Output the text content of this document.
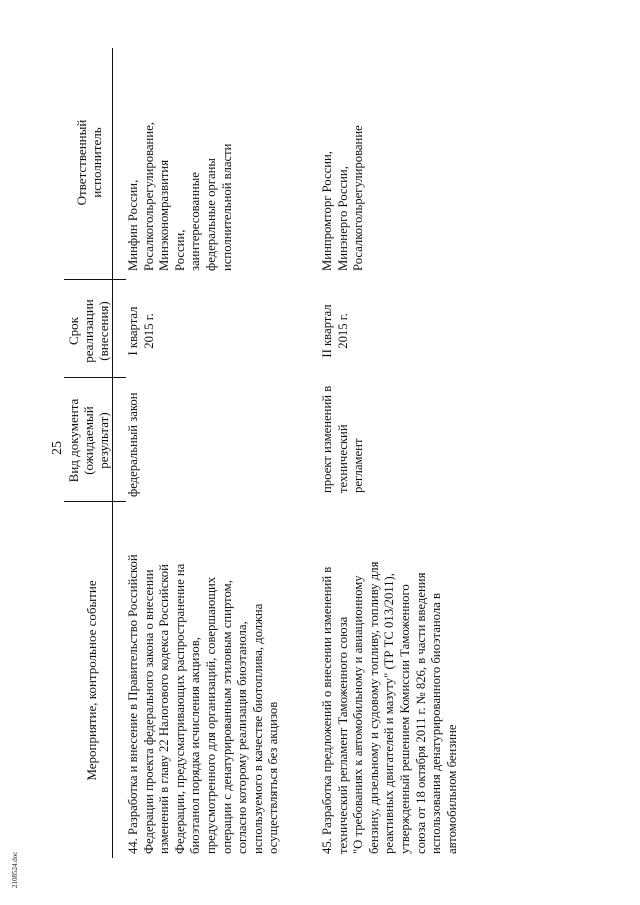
25
Мероприятие, контрольное событие
Вид документа
(ожидаемый
результат)
Срок
реализации
(внесения)
Ответственный
исполнитель
44. Разработка и внесение в Правительство Российской
Федерации проекта федерального закона о внесении
изменений в главу 22 Налогового кодекса Российской
Федерации, предусматривающих распространение на
биоэтанол порядка исчисления акцизов,
предусмотренного для организаций, совершающих
операции с денатурированным этиловым спиртом,
согласно которому реализация биоэтанола,
используемого в качестве биотоплива, должна
осуществляться без акцизов
федеральный закон
I квартал
2015 г.
Минфин России,
Росалкогольрегулирование,
Минэкономразвития
России,
заинтересованные
федеральные органы
исполнительной власти
45. Разработка предложений о внесении изменений в
технический регламент Таможенного союза
"О требованиях к автомобильному и авиационному
бензину, дизельному и судовому топливу, топливу для
реактивных двигателей и мазуту" (ТР ТС 013/2011),
утвержденный решением Комиссии Таможенного
союза от 18 октября 2011 г. № 826, в части введения
использования денатурированного биоэтанола в
автомобильном бензине
проект изменений в
технический
регламент
II квартал
2015 г.
Минпромторг России,
Минэнерго России,
Росалкогольрегулирование
2108524.doc
